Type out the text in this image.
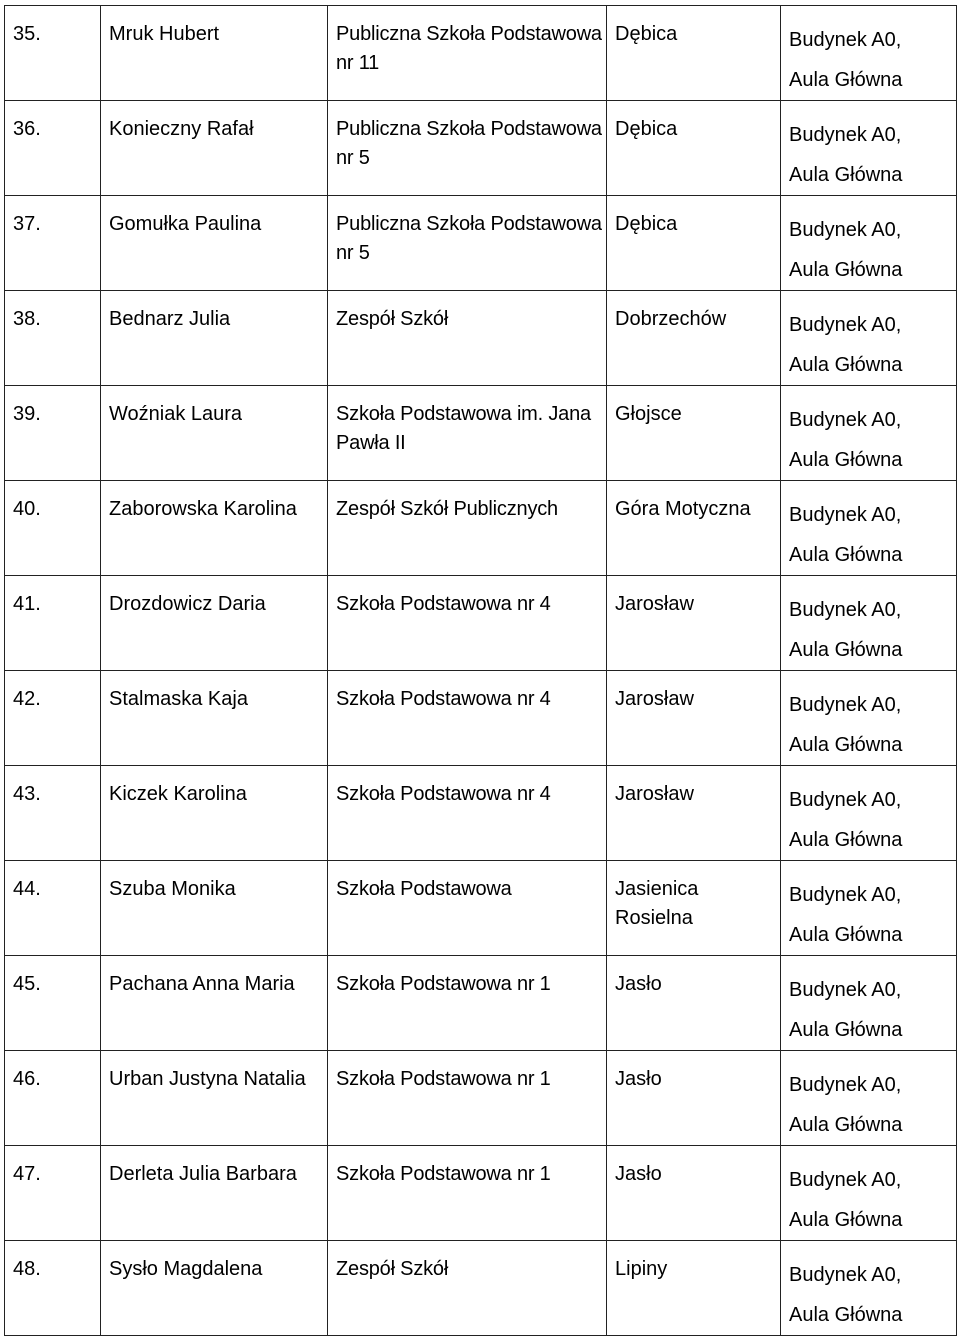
35.	Mruk Hubert	Publiczna Szkoła Podstawowa nr 11	Dębica	Budynek A0,
Aula Główna

36.	Konieczny Rafał	Publiczna Szkoła Podstawowa nr 5	Dębica	Budynek A0,
Aula Główna

37.	Gomułka Paulina	Publiczna Szkoła Podstawowa nr 5	Dębica	Budynek A0,
Aula Główna

38.	Bednarz Julia	Zespół Szkół	Dobrzechów	Budynek A0,
Aula Główna

39.	Woźniak Laura	Szkoła Podstawowa im. Jana Pawła II	Głojsce	Budynek A0,
Aula Główna

40.	Zaborowska Karolina	Zespół Szkół Publicznych	Góra Motyczna	Budynek A0,
Aula Główna

41.	Drozdowicz Daria	Szkoła Podstawowa nr 4	Jarosław	Budynek A0,
Aula Główna

42.	Stalmaska Kaja	Szkoła Podstawowa nr 4	Jarosław	Budynek A0,
Aula Główna

43.	Kiczek Karolina	Szkoła Podstawowa nr 4	Jarosław	Budynek A0,
Aula Główna

44.	Szuba Monika	Szkoła Podstawowa	Jasienica Rosielna	Budynek A0,
Aula Główna

45.	Pachana Anna Maria	Szkoła Podstawowa nr 1	Jasło	Budynek A0,
Aula Główna

46.	Urban Justyna Natalia	Szkoła Podstawowa nr 1	Jasło	Budynek A0,
Aula Główna

47.	Derleta Julia Barbara	Szkoła Podstawowa nr 1	Jasło	Budynek A0,
Aula Główna

48.	Sysło Magdalena	Zespół Szkół	Lipiny	Budynek A0,
Aula Główna
